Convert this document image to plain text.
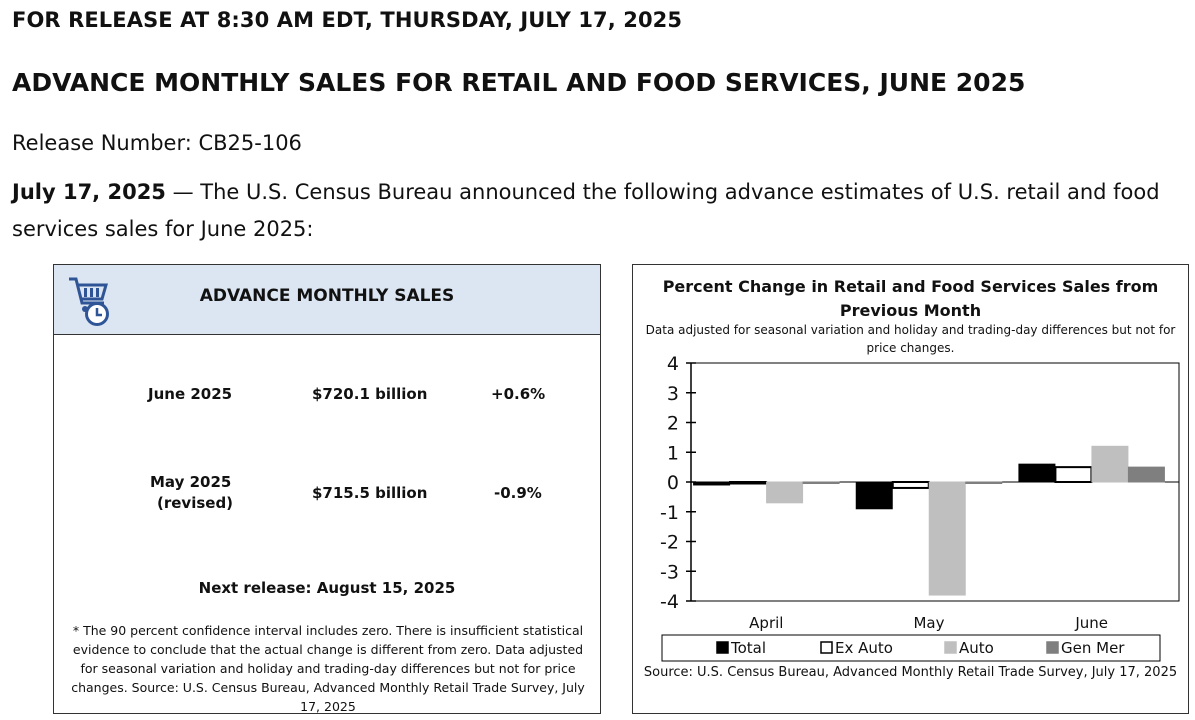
FOR RELEASE AT 8:30 AM EDT, THURSDAY, JULY 17, 2025
ADVANCE MONTHLY SALES FOR RETAIL AND FOOD SERVICES, JUNE 2025
Release Number: CB25-106
July 17, 2025 — The U.S. Census Bureau announced the following advance estimates of U.S. retail and food services sales for June 2025:
ADVANCE MONTHLY SALES
June 2025	$720.1 billion	+0.6%
May 2025
(revised)
$715.5 billion	-0.9%
Next release: August 15, 2025
* The 90 percent confidence interval includes zero. There is insufficient statistical evidence to conclude that the actual change is different from zero. Data adjusted for seasonal variation and holiday and trading-day differences but not for price changes. Source: U.S. Census Bureau, Advanced Monthly Retail Trade Survey, July 17, 2025
Percent Change in Retail and Food Services Sales from Previous Month
Data adjusted for seasonal variation and holiday and trading-day differences but not for price changes.
4
3
2
1
0
-1
-2
-3
-4
April	May	June
Total	Ex Auto	Auto	Gen Mer
Source: U.S. Census Bureau, Advanced Monthly Retail Trade Survey, July 17, 2025
